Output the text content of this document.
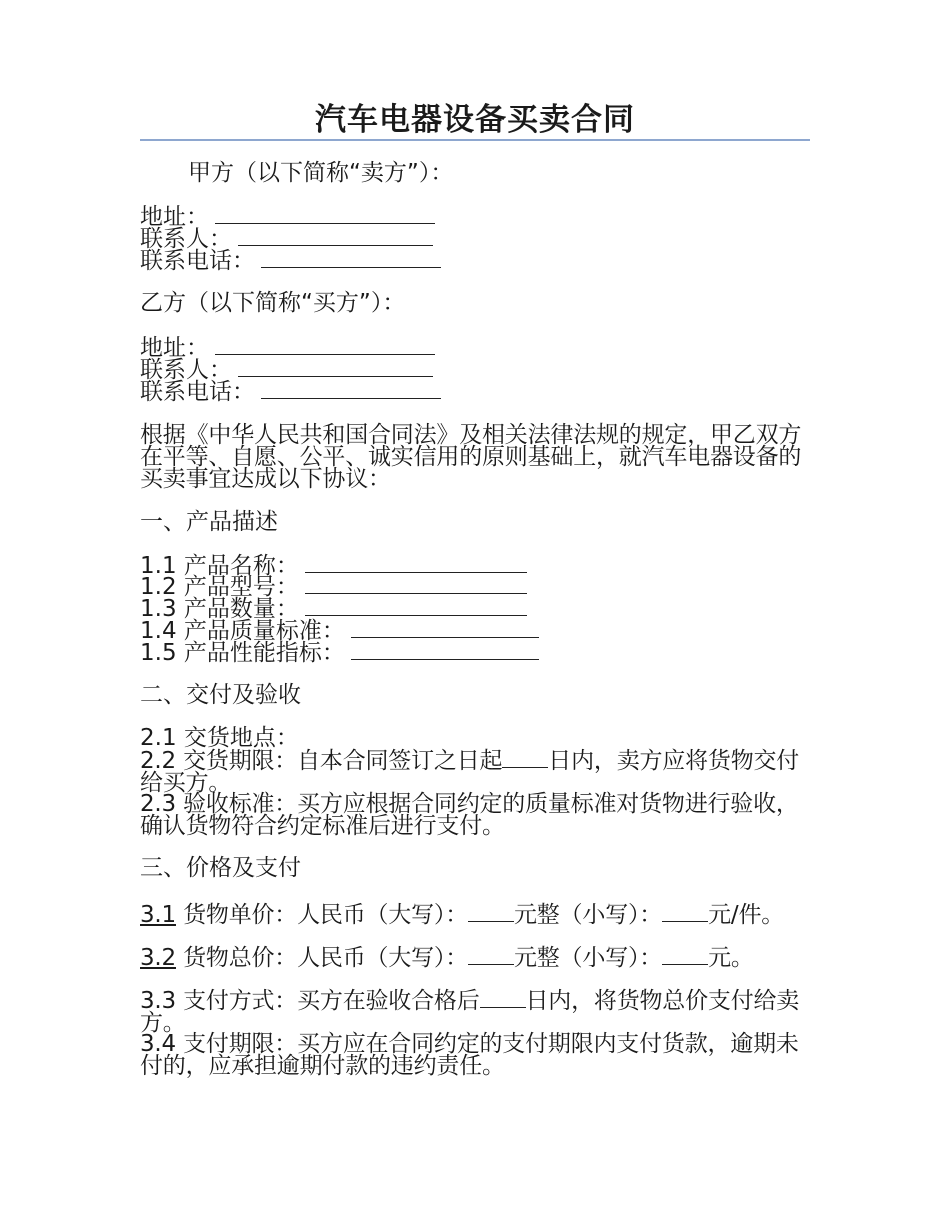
汽车电器设备买卖合同
甲方（以下简称“卖方”）：
地址：
联系人：
联系电话：
乙方（以下简称“买方”）：
地址：
联系人：
联系电话：
根据《中华人民共和国合同法》及相关法律法规的规定，甲乙双方在平等、自愿、公平、诚实信用的原则基础上，就汽车电器设备的买卖事宜达成以下协议：
一、产品描述
1.1 产品名称：
1.2 产品型号：
1.3 产品数量：
1.4 产品质量标准：
1.5 产品性能指标：
二、交付及验收
2.1 交货地点：
2.2 交货期限：自本合同签订之日起 日内，卖方应将货物交付给买方。
2.3 验收标准：买方应根据合同约定的质量标准对货物进行验收，确认货物符合约定标准后进行支付。
三、价格及支付
3.1 货物单价：人民币（大写）： 元整（小写）： 元/件。
3.2 货物总价：人民币（大写）： 元整（小写）： 元。
3.3 支付方式：买方在验收合格后 日内，将货物总价支付给卖方。
3.4 支付期限：买方应在合同约定的支付期限内支付货款，逾期未付的，应承担逾期付款的违约责任。
